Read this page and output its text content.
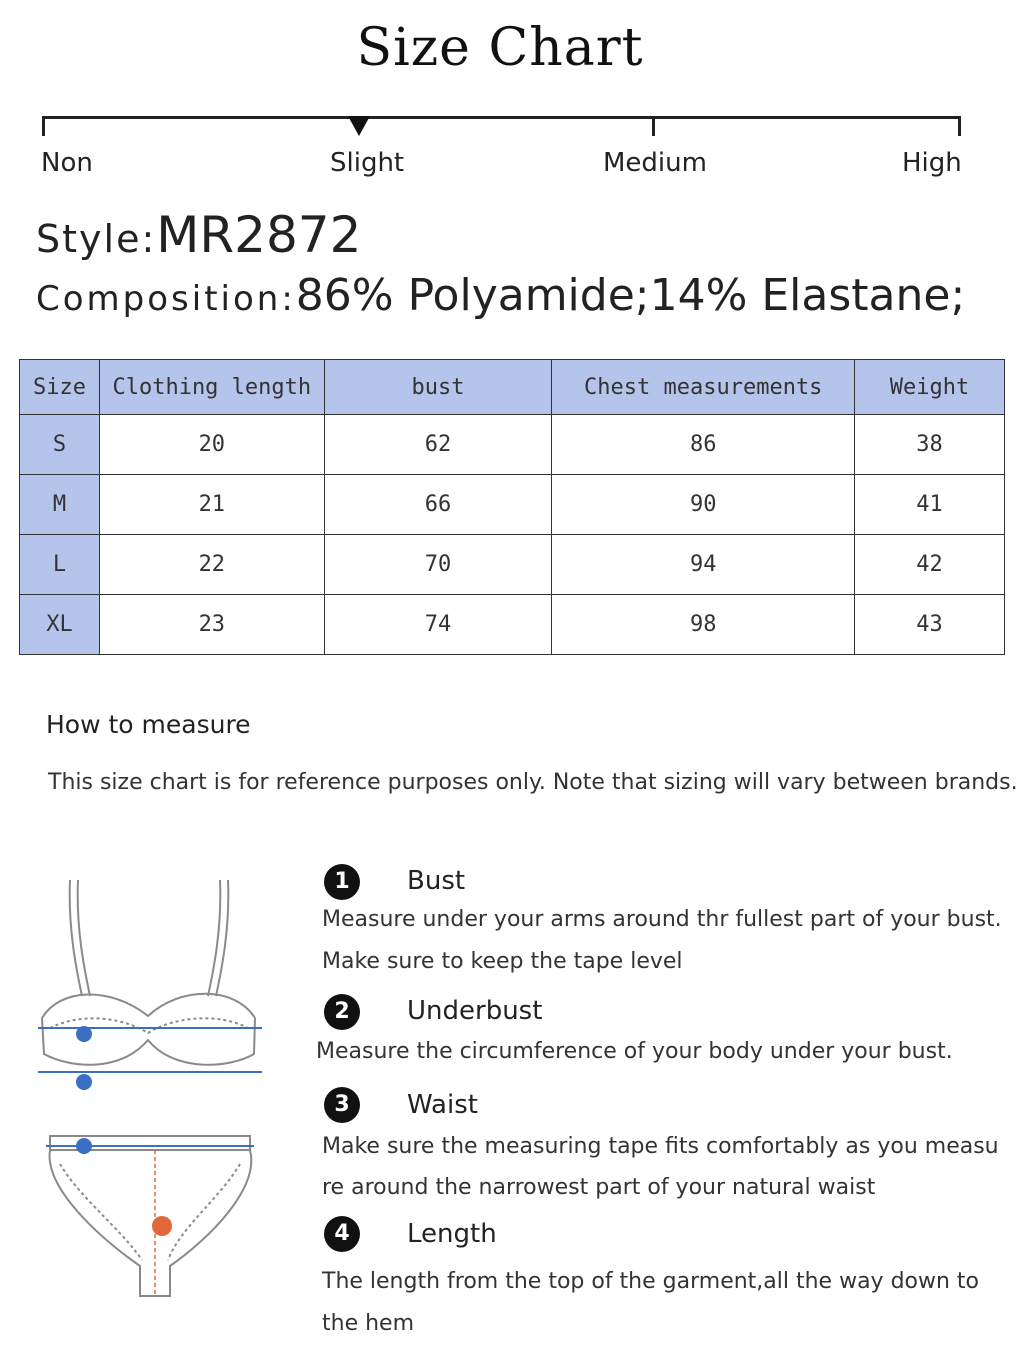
Size Chart
Non	Slight	Medium	High
Style:MR2872
Composition:86% Polyamide;14% Elastane;
Size	Clothing length	bust	Chest measurements	Weight
S	20	62	86	38
M	21	66	90	41
L	22	70	94	42
XL	23	74	98	43
How to measure
This size chart is for reference purposes only. Note that sizing will vary between brands.
1	Bust
Measure under your arms around thr fullest part of your bust.
Make sure to keep the tape level
2	Underbust
Measure the circumference of your body under your bust.
3	Waist
Make sure the measuring tape fits comfortably as you measu
re around the narrowest part of your natural waist
4	Length
The length from the top of the garment,all the way down to
the hem
